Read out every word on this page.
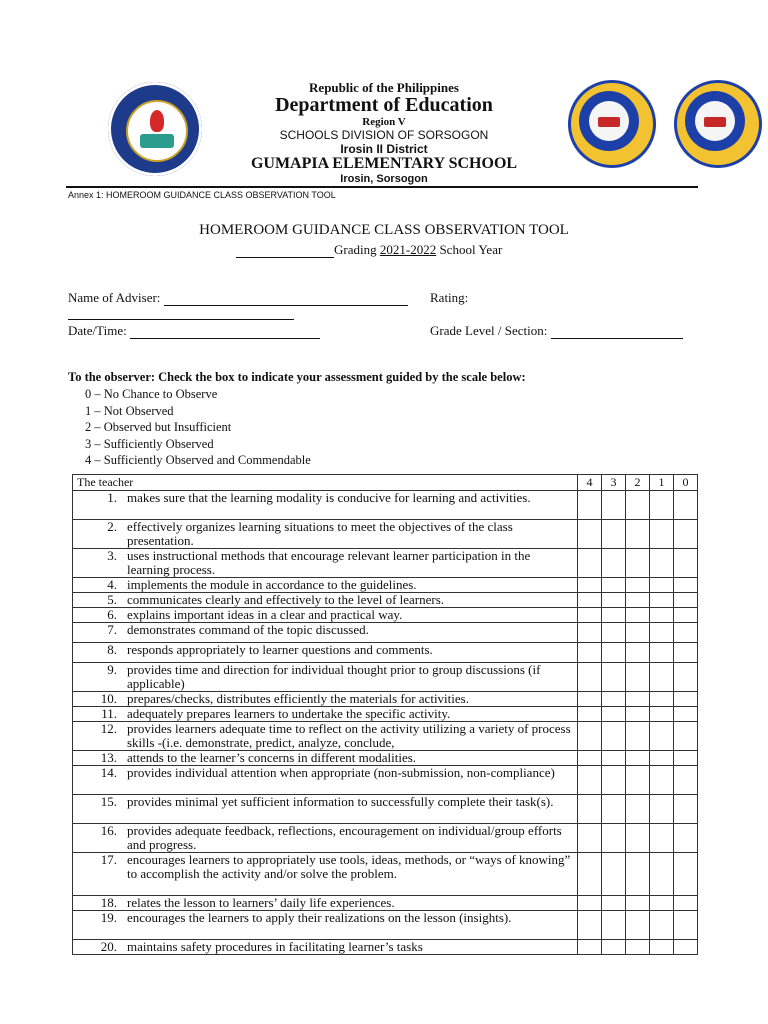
Republic of the Philippines
Department of Education
Region V
SCHOOLS DIVISION OF SORSOGON
Irosin II District
GUMAPIA ELEMENTARY SCHOOL
Irosin, Sorsogon
Annex 1: HOMEROOM GUIDANCE CLASS OBSERVATION TOOL
HOMEROOM GUIDANCE CLASS OBSERVATION TOOL
Grading 2021-2022 School Year
Name of Adviser:	Rating:
Date/Time:	Grade Level / Section:
To the observer: Check the box to indicate your assessment guided by the scale below:
0 – No Chance to Observe
1 – Not Observed
2 – Observed but Insufficient
3 – Sufficiently Observed
4 – Sufficiently Observed and Commendable
The teacher		4	3	2	1	0
1.	makes sure that the learning modality is conducive for learning and activities.					
2.	effectively organizes learning situations to meet the objectives of the class presentation.					
3.	uses instructional methods that encourage relevant learner participation in the learning process.					
4.	implements the module in accordance to the guidelines.					
5.	communicates clearly and effectively to the level of learners.					
6.	explains important ideas in a clear and practical way.					
7.	demonstrates command of the topic discussed.					
8.	responds appropriately to learner questions and comments.					
9.	provides time and direction for individual thought prior to group discussions (if applicable)					
10.	prepares/checks, distributes efficiently the materials for activities.					
11.	adequately prepares learners to undertake the specific activity.					
12.	provides learners adequate time to reflect on the activity utilizing a variety of process skills -(i.e. demonstrate, predict, analyze, conclude,					
13.	attends to the learner’s concerns in different modalities.					
14.	provides individual attention when appropriate (non-submission, non-compliance)					
15.	provides minimal yet sufficient information to successfully complete their task(s).					
16.	provides adequate feedback, reflections, encouragement on individual/group efforts and progress.					
17.	encourages learners to appropriately use tools, ideas, methods, or “ways of knowing” to accomplish the activity and/or solve the problem.					
18.	relates the lesson to learners’ daily life experiences.					
19.	encourages the learners to apply their realizations on the lesson (insights).					
20.	maintains safety procedures in facilitating learner’s tasks					
